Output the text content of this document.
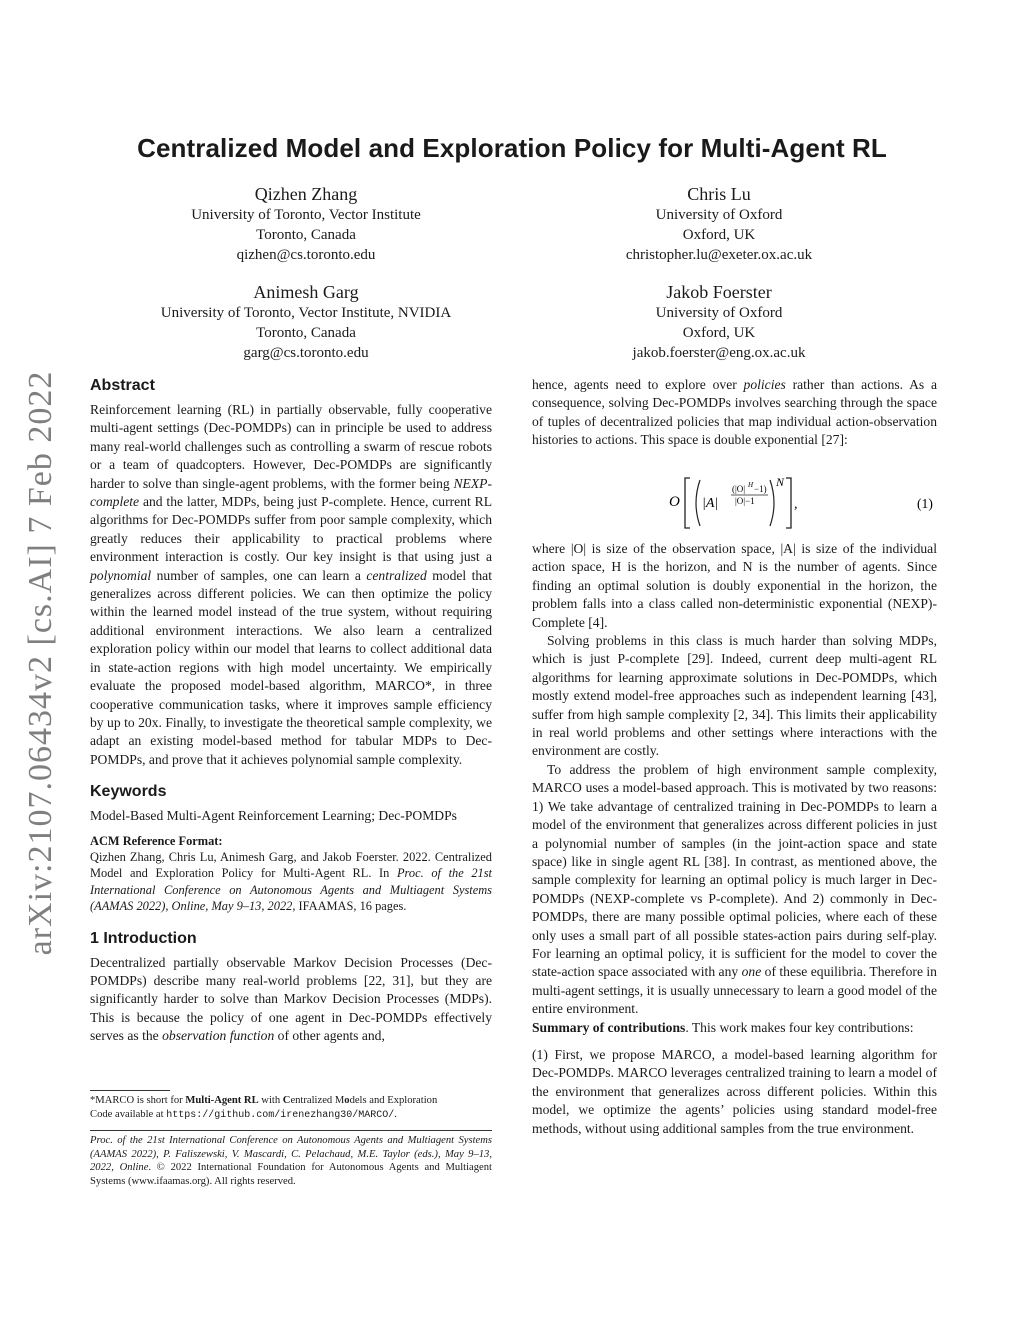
Centralized Model and Exploration Policy for Multi-Agent RL
Qizhen Zhang
University of Toronto, Vector Institute
Toronto, Canada
qizhen@cs.toronto.edu
Chris Lu
University of Oxford
Oxford, UK
christopher.lu@exeter.ox.ac.uk
Animesh Garg
University of Toronto, Vector Institute, NVIDIA
Toronto, Canada
garg@cs.toronto.edu
Jakob Foerster
University of Oxford
Oxford, UK
jakob.foerster@eng.ox.ac.uk
arXiv:2107.06434v2 [cs.AI] 7 Feb 2022	Abstract

Reinforcement learning (RL) in partially observable, fully cooperative multi-agent settings (Dec-POMDPs) can in principle be used to address many real-world challenges such as controlling a swarm of rescue robots or a team of quadcopters. However, Dec-POMDPs are significantly harder to solve than single-agent problems, with the former being NEXP-complete and the latter, MDPs, being just P-complete. Hence, current RL algorithms for Dec-POMDPs suffer from poor sample complexity, which greatly reduces their applicability to practical problems where environment interaction is costly. Our key insight is that using just a polynomial number of samples, one can learn a centralized model that generalizes across different policies. We can then optimize the policy within the learned model instead of the true system, without requiring additional environment interactions. We also learn a centralized exploration policy within our model that learns to collect additional data in state-action regions with high model uncertainty. We empirically evaluate the proposed model-based algorithm, MARCO*, in three cooperative communication tasks, where it improves sample efficiency by up to 20x. Finally, to investigate the theoretical sample complexity, we adapt an existing model-based method for tabular MDPs to Dec-POMDPs, and prove that it achieves polynomial sample complexity.

Keywords

Model-Based Multi-Agent Reinforcement Learning; Dec-POMDPs

ACM Reference Format:

Qizhen Zhang, Chris Lu, Animesh Garg, and Jakob Foerster. 2022. Centralized Model and Exploration Policy for Multi-Agent RL. In Proc. of the 21st International Conference on Autonomous Agents and Multiagent Systems (AAMAS 2022), Online, May 9–13, 2022, IFAAMAS, 16 pages.

1 Introduction

Decentralized partially observable Markov Decision Processes (Dec-POMDPs) describe many real-world problems [22, 31], but they are significantly harder to solve than Markov Decision Processes (MDPs). This is because the policy of one agent in Dec-POMDPs effectively serves as the observation function of other agents and,

*MARCO is short for Multi-Agent RL with Centralized Models and Exploration
Code available at https://github.com/irenezhang30/MARCO/.
Proc. of the 21st International Conference on Autonomous Agents and Multiagent Systems (AAMAS 2022), P. Faliszewski, V. Mascardi, C. Pelachaud, M.E. Taylor (eds.), May 9–13, 2022, Online. © 2022 International Foundation for Autonomous Agents and Multiagent Systems (www.ifaamas.org). All rights reserved.

hence, agents need to explore over policies rather than actions. As a consequence, solving Dec-POMDPs involves searching through the space of tuples of decentralized policies that map individual action-observation histories to actions. This space is double exponential [27]:

O |A|
(|O| H −1)
|O|−1
N
,	(1)

where |O| is size of the observation space, |A| is size of the individual action space, H is the horizon, and N is the number of agents. Since finding an optimal solution is doubly exponential in the horizon, the problem falls into a class called non-deterministic exponential (NEXP)-Complete [4].

Solving problems in this class is much harder than solving MDPs, which is just P-complete [29]. Indeed, current deep multi-agent RL algorithms for learning approximate solutions in Dec-POMDPs, which mostly extend model-free approaches such as independent learning [43], suffer from high sample complexity [2, 34]. This limits their applicability in real world problems and other settings where interactions with the environment are costly.

To address the problem of high environment sample complexity, MARCO uses a model-based approach. This is motivated by two reasons: 1) We take advantage of centralized training in Dec-POMDPs to learn a model of the environment that generalizes across different policies in just a polynomial number of samples (in the joint-action space and state space) like in single agent RL [38]. In contrast, as mentioned above, the sample complexity for learning an optimal policy is much larger in Dec-POMDPs (NEXP-complete vs P-complete). And 2) commonly in Dec-POMDPs, there are many possible optimal policies, where each of these only uses a small part of all possible states-action pairs during self-play. For learning an optimal policy, it is sufficient for the model to cover the state-action space associated with any one of these equilibria. Therefore in multi-agent settings, it is usually unnecessary to learn a good model of the entire environment.

Summary of contributions. This work makes four key contributions:

(1) First, we propose MARCO, a model-based learning algorithm for Dec-POMDPs. MARCO leverages centralized training to learn a model of the environment that generalizes across different policies. Within this model, we optimize the agents’ policies using standard model-free methods, without using additional samples from the true environment.
